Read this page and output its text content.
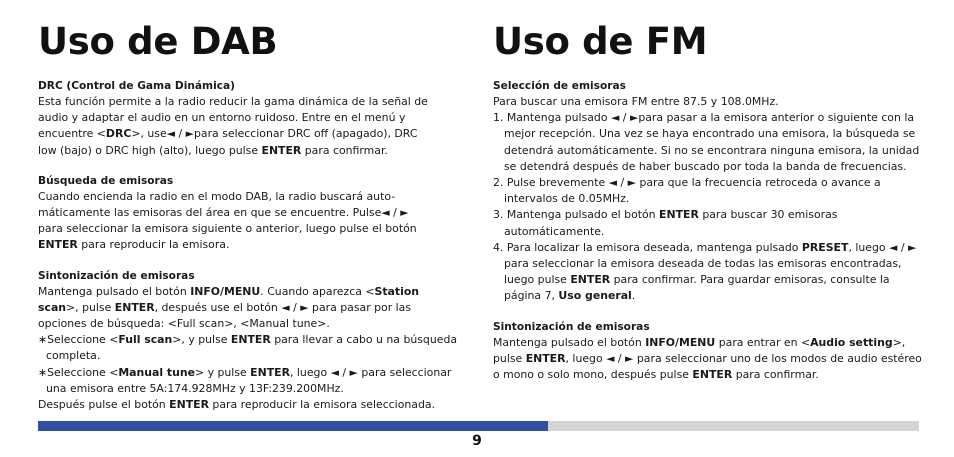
Uso de DAB
DRC (Control de Gama Dinámica)
Esta función permite a la radio reducir la gama dinámica de la señal de
audio y adaptar el audio en un entorno ruidoso. Entre en el menú y
encuentre <DRC>, use◄ / ►para seleccionar DRC off (apagado), DRC
low (bajo) o DRC high (alto), luego pulse ENTER para confirmar.
Búsqueda de emisoras
Cuando encienda la radio en el modo DAB, la radio buscará auto-
máticamente las emisoras del área en que se encuentre. Pulse◄ / ►
para seleccionar la emisora siguiente o anterior, luego pulse el botón
ENTER para reproducir la emisora.
Sintonización de emisoras
Mantenga pulsado el botón INFO/MENU. Cuando aparezca <Station
scan>, pulse ENTER, después use el botón ◄ / ► para pasar por las
opciones de búsqueda: <Full scan>, <Manual tune>.
∗Seleccione <Full scan>, y pulse ENTER para llevar a cabo u na búsqueda completa.
∗Seleccione <Manual tune> y pulse ENTER, luego ◄ / ► para seleccionar una emisora entre 5A:174.928MHz y 13F:239.200MHz.
Después pulse el botón ENTER para reproducir la emisora seleccionada.
Uso de FM
Selección de emisoras
Para buscar una emisora FM entre 87.5 y 108.0MHz.
1. Mantenga pulsado ◄ / ►para pasar a la emisora anterior o siguiente con la mejor recepción. Una vez se haya encontrado una emisora, la búsqueda se detendrá automáticamente. Si no se encontrara ninguna emisora, la unidad se detendrá después de haber buscado por toda la banda de frecuencias.
2. Pulse brevemente ◄ / ► para que la frecuencia retroceda o avance a intervalos de 0.05MHz.
3. Mantenga pulsado el botón ENTER para buscar 30 emisoras automáticamente.
4. Para localizar la emisora deseada, mantenga pulsado PRESET, luego ◄ / ► para seleccionar la emisora deseada de todas las emisoras encontradas, luego pulse ENTER para confirmar. Para guardar emisoras, consulte la página 7, Uso general.
Sintonización de emisoras
Mantenga pulsado el botón INFO/MENU para entrar en <Audio setting>, pulse ENTER, luego ◄ / ► para seleccionar uno de los modos de audio estéreo o mono o solo mono, después pulse ENTER para confirmar.
9
